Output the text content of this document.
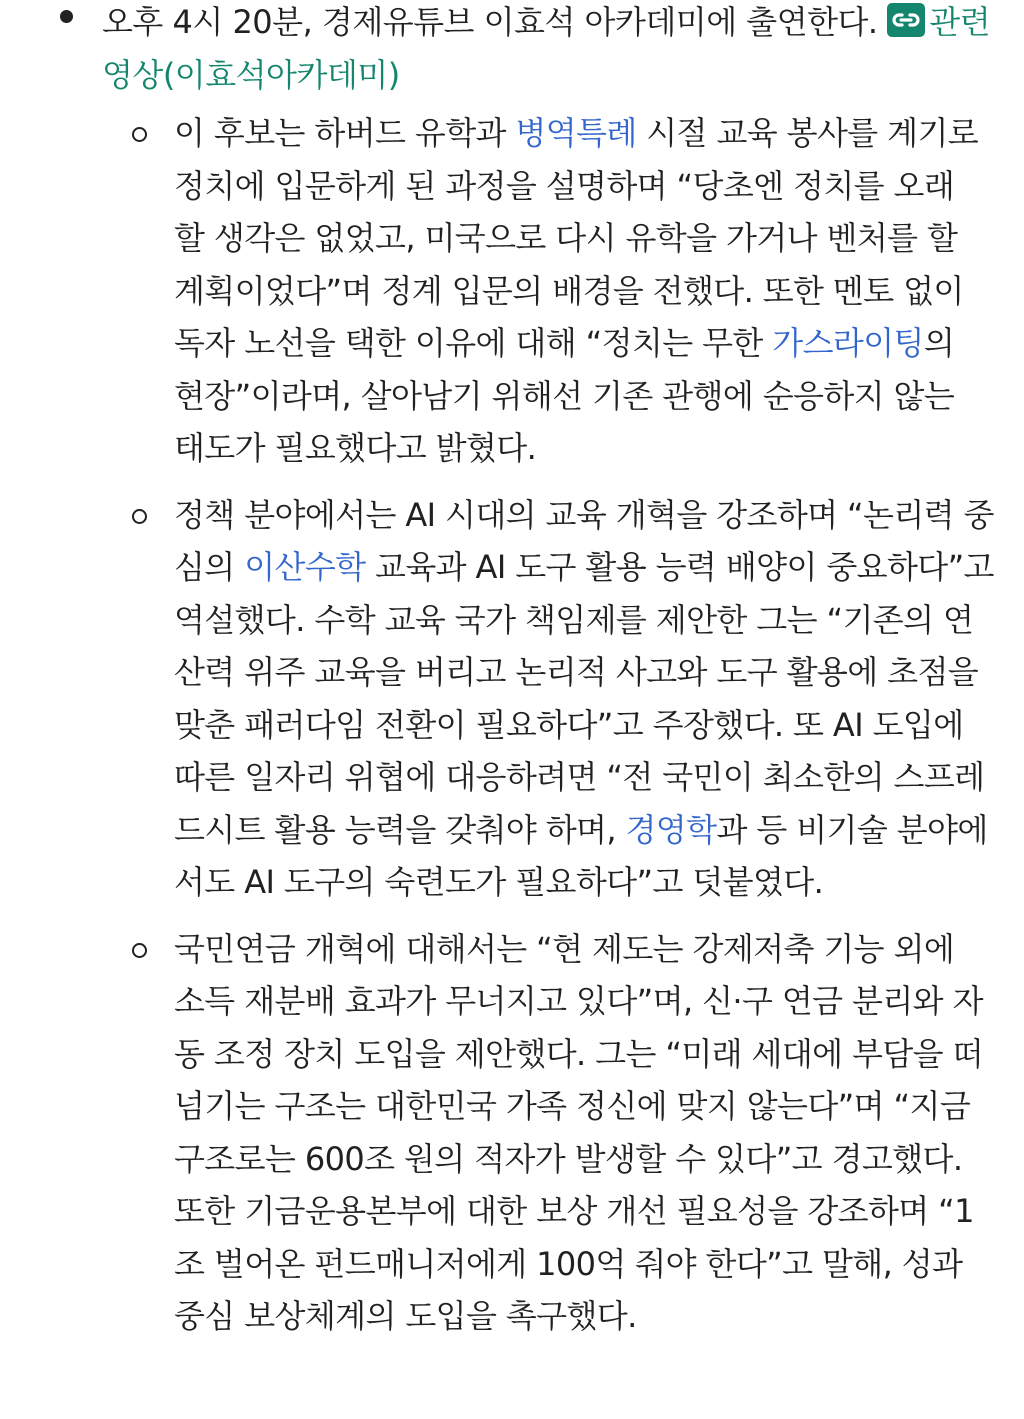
오후 4시 20분, 경제유튜브 이효석 아카데미에 출연한다.
관련영상(이효석아카데미)
이 후보는 하버드 유학과 병역특례 시절 교육 봉사를 계기로 정치에 입문하게 된 과정을 설명하며 “당초엔 정치를 오래 할 생각은 없었고, 미국으로 다시 유학을 가거나 벤처를 할 계획이었다”며 정계 입문의 배경을 전했다. 또한 멘토 없이 독자 노선을 택한 이유에 대해 “정치는 무한 가스라이팅의 현장”이라며, 살아남기 위해선 기존 관행에 순응하지 않는 태도가 필요했다고 밝혔다.
정책 분야에서는 AI 시대의 교육 개혁을 강조하며 “논리력 중심의 이산수학 교육과 AI 도구 활용 능력 배양이 중요하다”고 역설했다. 수학 교육 국가 책임제를 제안한 그는 “기존의 연산력 위주 교육을 버리고 논리적 사고와 도구 활용에 초점을 맞춘 패러다임 전환이 필요하다”고 주장했다. 또 AI 도입에 따른 일자리 위협에 대응하려면 “전 국민이 최소한의 스프레드시트 활용 능력을 갖춰야 하며, 경영학과 등 비기술 분야에서도 AI 도구의 숙련도가 필요하다”고 덧붙였다.
국민연금 개혁에 대해서는 “현 제도는 강제저축 기능 외에 소득 재분배 효과가 무너지고 있다”며, 신·구 연금 분리와 자동 조정 장치 도입을 제안했다. 그는 “미래 세대에 부담을 떠넘기는 구조는 대한민국 가족 정신에 맞지 않는다”며 “지금 구조로는 600조 원의 적자가 발생할 수 있다”고 경고했다. 또한 기금운용본부에 대한 보상 개선 필요성을 강조하며 “1조 벌어온 펀드매니저에게 100억 줘야 한다”고 말해, 성과 중심 보상체계의 도입을 촉구했다.
